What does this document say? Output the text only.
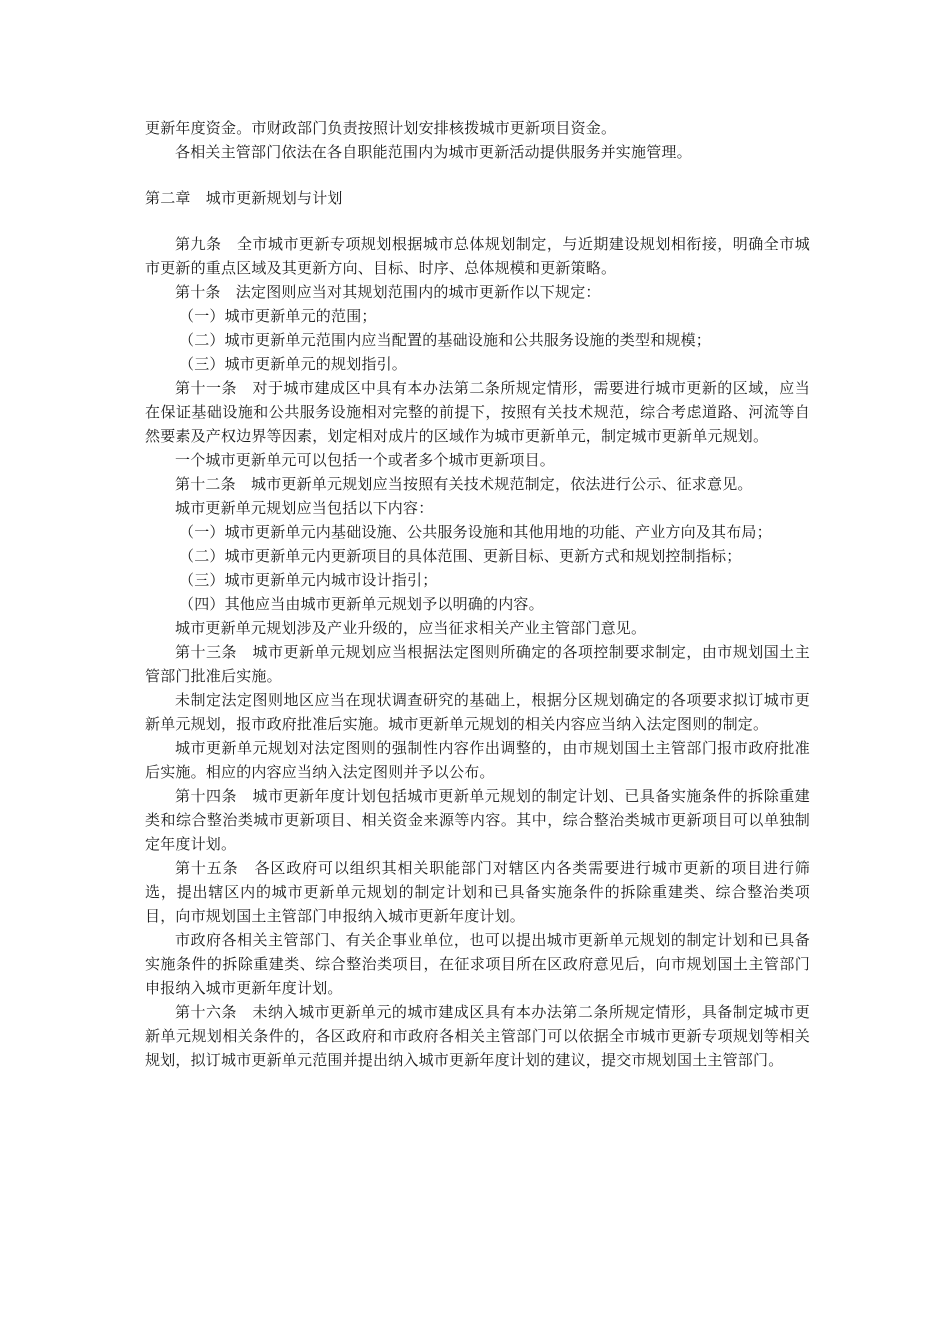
更新年度资金。市财政部门负责按照计划安排核拨城市更新项目资金。

各相关主管部门依法在各自职能范围内为城市更新活动提供服务并实施管理。

第二章　城市更新规划与计划

第九条　全市城市更新专项规划根据城市总体规划制定，与近期建设规划相衔接，明确全市城市更新的重点区域及其更新方向、目标、时序、总体规模和更新策略。

第十条　法定图则应当对其规划范围内的城市更新作以下规定：

（一）城市更新单元的范围；

（二）城市更新单元范围内应当配置的基础设施和公共服务设施的类型和规模；

（三）城市更新单元的规划指引。

第十一条　对于城市建成区中具有本办法第二条所规定情形，需要进行城市更新的区域，应当在保证基础设施和公共服务设施相对完整的前提下，按照有关技术规范，综合考虑道路、河流等自然要素及产权边界等因素，划定相对成片的区域作为城市更新单元，制定城市更新单元规划。

一个城市更新单元可以包括一个或者多个城市更新项目。

第十二条　城市更新单元规划应当按照有关技术规范制定，依法进行公示、征求意见。

城市更新单元规划应当包括以下内容：

（一）城市更新单元内基础设施、公共服务设施和其他用地的功能、产业方向及其布局；

（二）城市更新单元内更新项目的具体范围、更新目标、更新方式和规划控制指标；

（三）城市更新单元内城市设计指引；

（四）其他应当由城市更新单元规划予以明确的内容。

城市更新单元规划涉及产业升级的，应当征求相关产业主管部门意见。

第十三条　城市更新单元规划应当根据法定图则所确定的各项控制要求制定，由市规划国土主管部门批准后实施。

未制定法定图则地区应当在现状调查研究的基础上，根据分区规划确定的各项要求拟订城市更新单元规划，报市政府批准后实施。城市更新单元规划的相关内容应当纳入法定图则的制定。

城市更新单元规划对法定图则的强制性内容作出调整的，由市规划国土主管部门报市政府批准后实施。相应的内容应当纳入法定图则并予以公布。

第十四条　城市更新年度计划包括城市更新单元规划的制定计划、已具备实施条件的拆除重建类和综合整治类城市更新项目、相关资金来源等内容。其中，综合整治类城市更新项目可以单独制定年度计划。

第十五条　各区政府可以组织其相关职能部门对辖区内各类需要进行城市更新的项目进行筛选，提出辖区内的城市更新单元规划的制定计划和已具备实施条件的拆除重建类、综合整治类项目，向市规划国土主管部门申报纳入城市更新年度计划。

市政府各相关主管部门、有关企事业单位，也可以提出城市更新单元规划的制定计划和已具备实施条件的拆除重建类、综合整治类项目，在征求项目所在区政府意见后，向市规划国土主管部门申报纳入城市更新年度计划。

第十六条　未纳入城市更新单元的城市建成区具有本办法第二条所规定情形，具备制定城市更新单元规划相关条件的，各区政府和市政府各相关主管部门可以依据全市城市更新专项规划等相关规划，拟订城市更新单元范围并提出纳入城市更新年度计划的建议，提交市规划国土主管部门。
